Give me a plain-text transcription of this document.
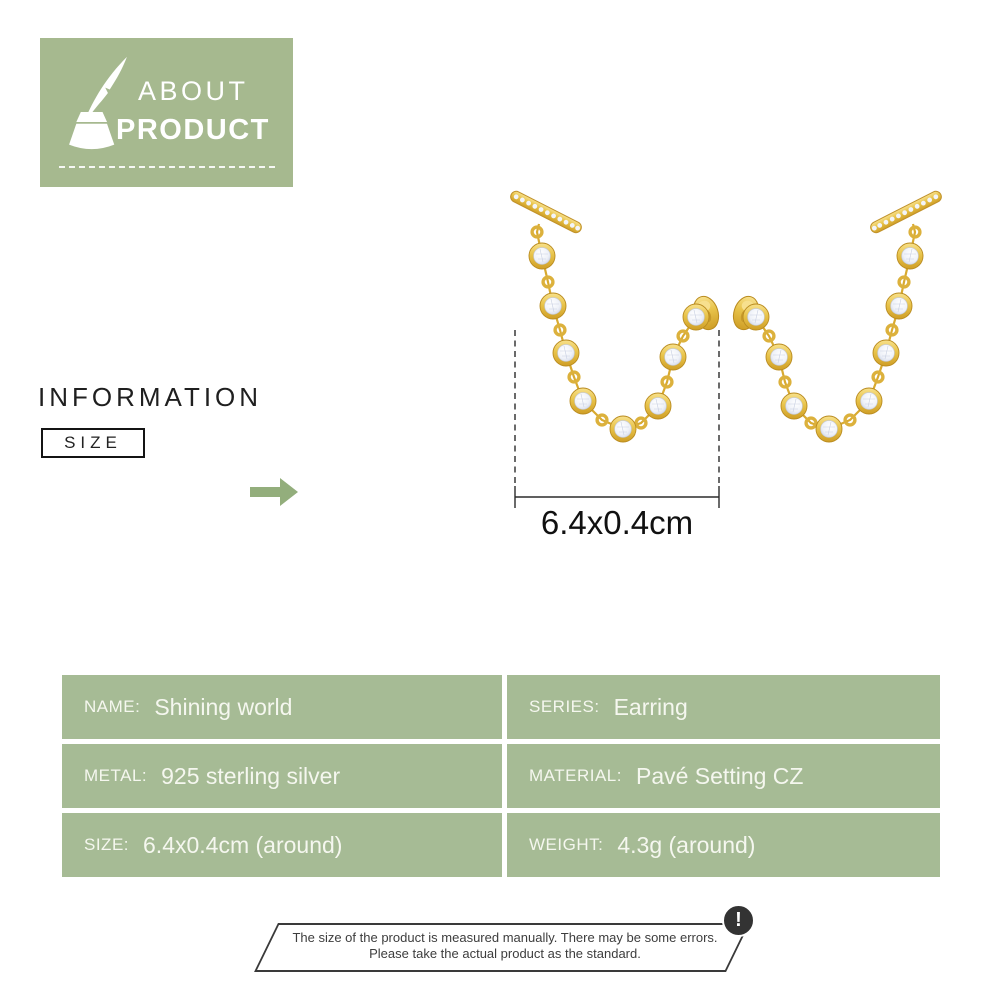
ABOUT
PRODUCT
INFORMATION
SIZE
6.4x0.4cm
NAME: Shining world	SERIES: Earring
METAL: 925 sterling silver	MATERIAL: Pavé Setting CZ
SIZE: 6.4x0.4cm (around)	WEIGHT: 4.3g (around)
The size of the product is measured manually. There may be some errors.
Please take the actual product as the standard.
!
